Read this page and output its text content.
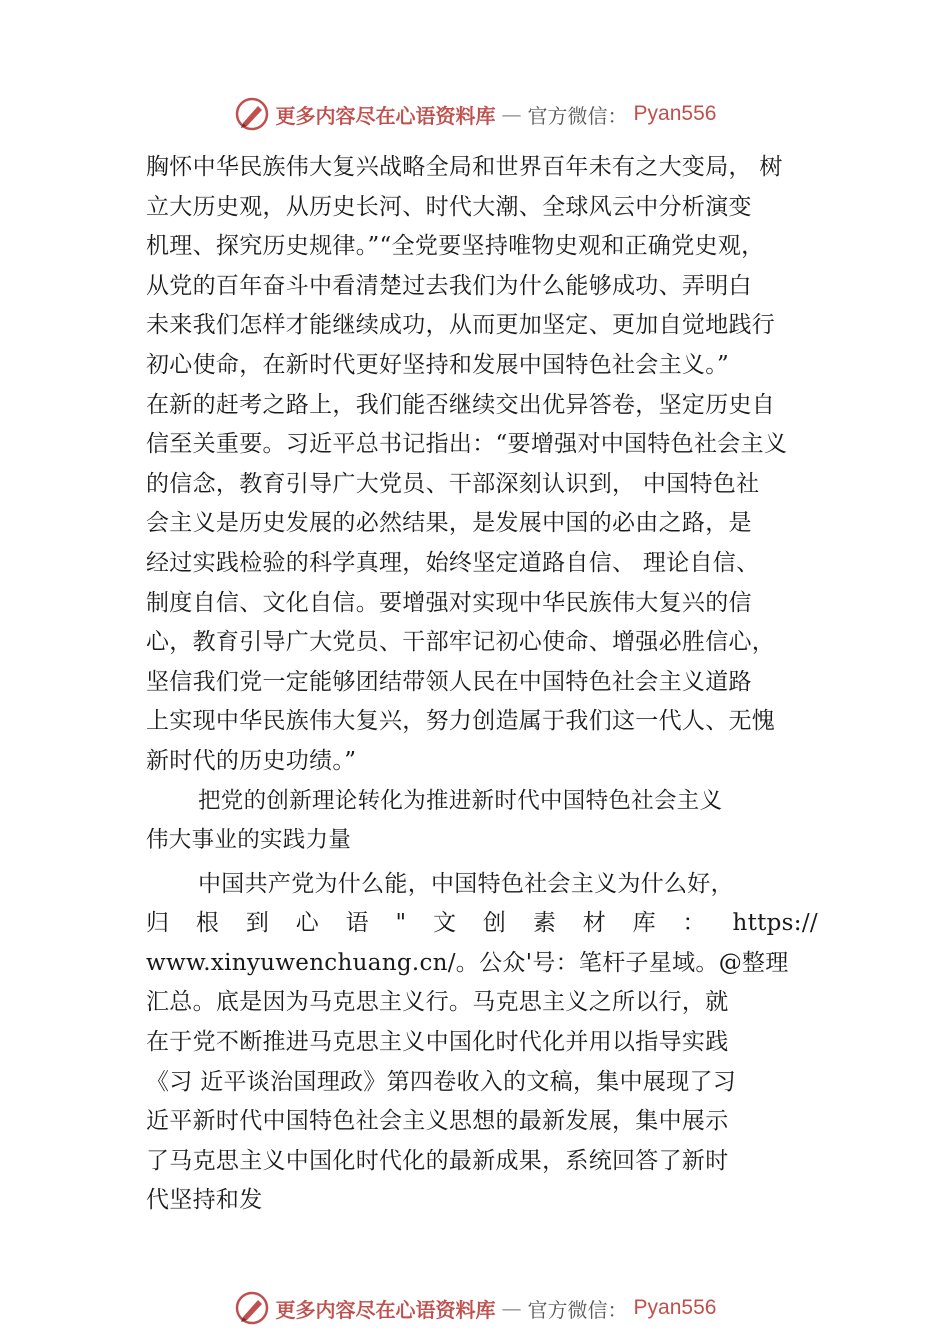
更多内容尽在心语资料库 — 官方微信： Pyan556
胸怀中华民族伟大复兴战略全局和世界百年未有之大变局， 树
立大历史观，从历史长河、时代大潮、全球风云中分析演变
机理、探究历史规律。”“全党要坚持唯物史观和正确党史观，
从党的百年奋斗中看清楚过去我们为什么能够成功、弄明白
未来我们怎样才能继续成功，从而更加坚定、更加自觉地践行
初心使命，在新时代更好坚持和发展中国特色社会主义。”
在新的赶考之路上，我们能否继续交出优异答卷，坚定历史自
信至关重要。习近平总书记指出：“要增强对中国特色社会主义
的信念，教育引导广大党员、干部深刻认识到， 中国特色社
会主义是历史发展的必然结果，是发展中国的必由之路，是
经过实践检验的科学真理，始终坚定道路自信、 理论自信、
制度自信、文化自信。要增强对实现中华民族伟大复兴的信
心，教育引导广大党员、干部牢记初心使命、增强必胜信心，
坚信我们党一定能够团结带领人民在中国特色社会主义道路
上实现中华民族伟大复兴，努力创造属于我们这一代人、无愧
新时代的历史功绩。”
把党的创新理论转化为推进新时代中国特色社会主义
伟大事业的实践力量
中国共产党为什么能，中国特色社会主义为什么好，
归 根 到 心 语 " 文 创 素 材 库 ： https://
www.xinyuwenchuang.cn/。公众'号：笔杆子星域。@整理
汇总。底是因为马克思主义行。马克思主义之所以行，就
在于党不断推进马克思主义中国化时代化并用以指导实践
《习 近平谈治国理政》第四卷收入的文稿，集中展现了习
近平新时代中国特色社会主义思想的最新发展，集中展示
了马克思主义中国化时代化的最新成果，系统回答了新时
代坚持和发
更多内容尽在心语资料库 — 官方微信： Pyan556
